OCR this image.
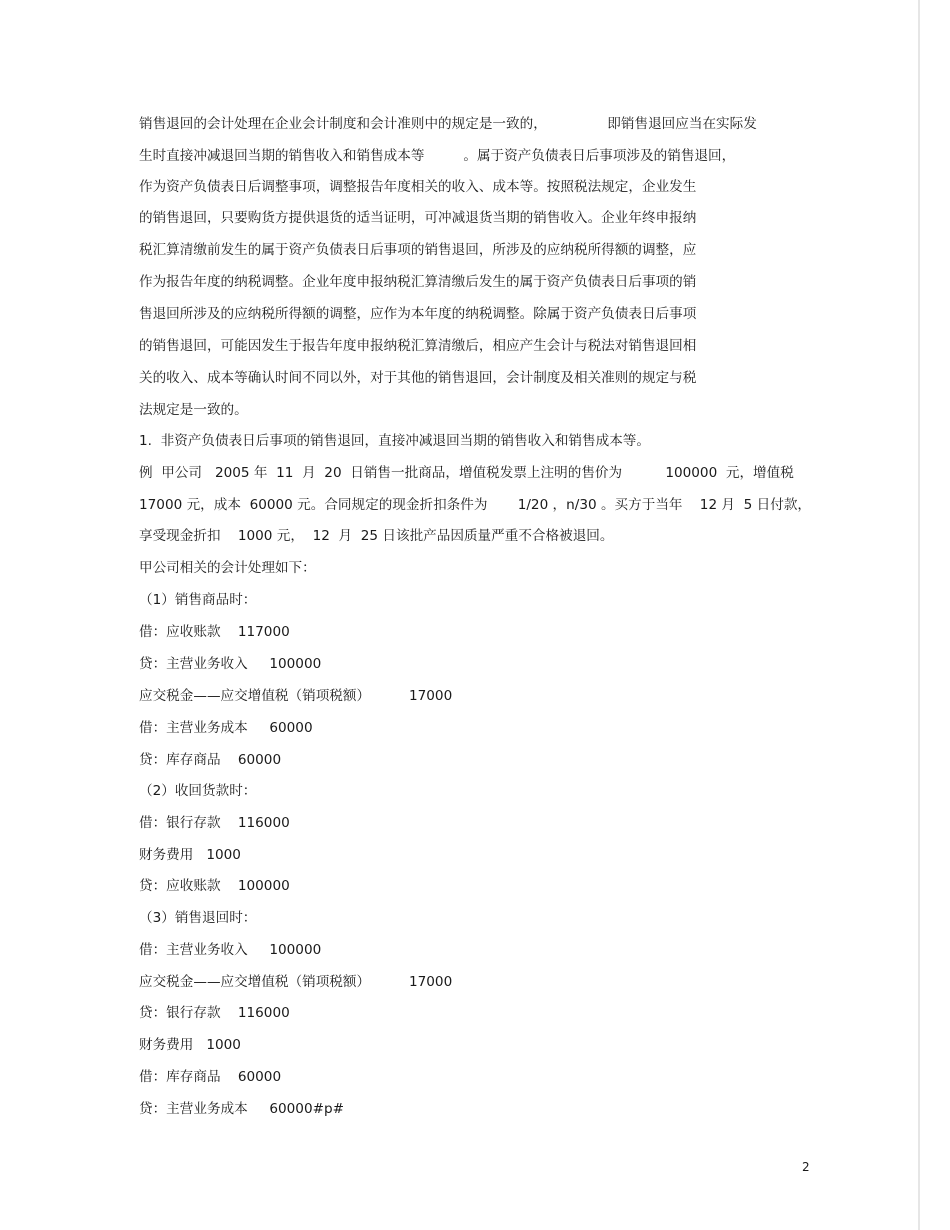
销售退回的会计处理在企业会计制度和会计准则中的规定是一致的，              即销售退回应当在实际发

生时直接冲减退回当期的销售收入和销售成本等         。属于资产负债表日后事项涉及的销售退回，

作为资产负债表日后调整事项，调整报告年度相关的收入、成本等。按照税法规定，企业发生

的销售退回，只要购货方提供退货的适当证明，可冲减退货当期的销售收入。企业年终申报纳

税汇算清缴前发生的属于资产负债表日后事项的销售退回，所涉及的应纳税所得额的调整，应

作为报告年度的纳税调整。企业年度申报纳税汇算清缴后发生的属于资产负债表日后事项的销

售退回所涉及的应纳税所得额的调整，应作为本年度的纳税调整。除属于资产负债表日后事项

的销售退回，可能因发生于报告年度申报纳税汇算清缴后，相应产生会计与税法对销售退回相

关的收入、成本等确认时间不同以外，对于其他的销售退回，会计制度及相关准则的规定与税

法规定是一致的。

1.  非资产负债表日后事项的销售退回，直接冲减退回当期的销售收入和销售成本等。

例  甲公司   2005 年  11  月  20  日销售一批商品，增值税发票上注明的售价为          100000  元，增值税

17000 元，成本  60000 元。合同规定的现金折扣条件为       1/20 ，n/30 。买方于当年    12 月  5 日付款，

享受现金折扣    1000 元，  12  月  25 日该批产品因质量严重不合格被退回。

甲公司相关的会计处理如下：

（1）销售商品时：

借：应收账款    117000

贷：主营业务收入     100000

应交税金——应交增值税（销项税额）         17000

借：主营业务成本     60000

贷：库存商品    60000

（2）收回货款时：

借：银行存款    116000

财务费用   1000

贷：应收账款    100000

（3）销售退回时：

借：主营业务收入     100000

应交税金——应交增值税（销项税额）         17000

贷：银行存款    116000

财务费用   1000

借：库存商品    60000

贷：主营业务成本     60000#p#

2
